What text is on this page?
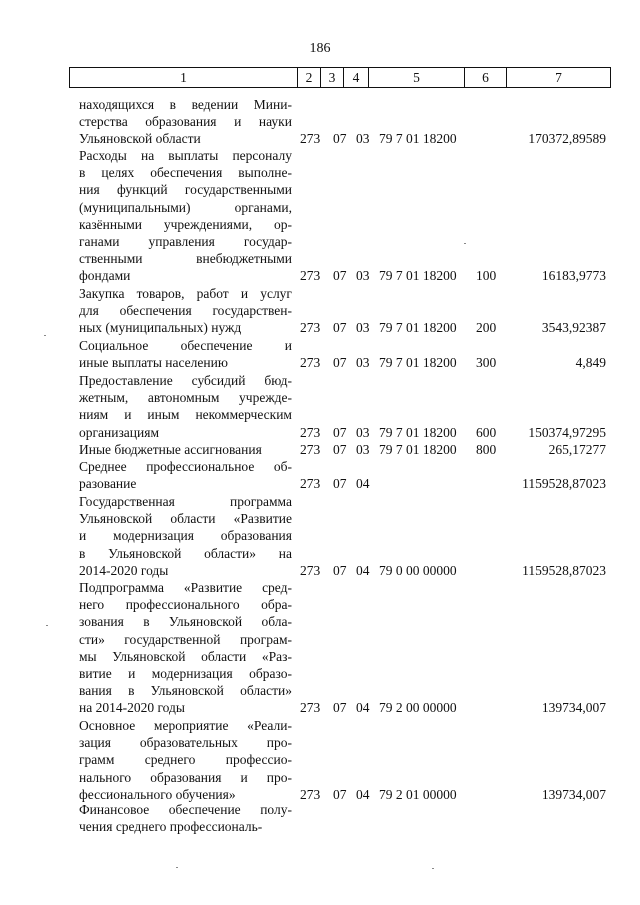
186
1	2	3	4	5	6	7
находящихся в ведении Мини-
стерства образования и науки
Ульяновской области	273 07 03 79 7 01 18200	170372,89589
Расходы на выплаты персоналу
в целях обеспечения выполне-
ния функций государственными
(муниципальными)	органами,
казёнными учреждениями, ор-
ганами управления государ-
ственными	внебюджетными
фондами	273 07 03 79 7 01 18200	100	16183,9773
Закупка товаров, работ и услуг
для обеспечения государствен-
ных (муниципальных) нужд	273 07 03 79 7 01 18200	200	3543,92387
Социальное обеспечение и
иные выплаты населению	273 07 03 79 7 01 18200	300	4,849
Предоставление субсидий бюд-
жетным, автономным учрежде-
ниям и иным некоммерческим
организациям	273 07 03 79 7 01 18200	600	150374,97295
Иные бюджетные ассигнования	273 07 03 79 7 01 18200	800	265,17277
Среднее профессиональное об-
разование	273 07 04	1159528,87023
Государственная	программа
Ульяновской области «Развитие
и модернизация образования
в Ульяновской области» на
2014-2020 годы	273 07 04 79 0 00 00000	1159528,87023
Подпрограмма «Развитие сред-
него профессионального обра-
зования в Ульяновской обла-
сти» государственной програм-
мы Ульяновской области «Раз-
витие и модернизация образо-
вания в Ульяновской области»
на 2014-2020 годы	273 07 04 79 2 00 00000	139734,007
Основное мероприятие «Реали-
зация образовательных про-
грамм среднего профессио-
нального образования и про-
фессионального обучения»	273 07 04 79 2 01 00000	139734,007
Финансовое обеспечение полу-
чения среднего профессиональ-
